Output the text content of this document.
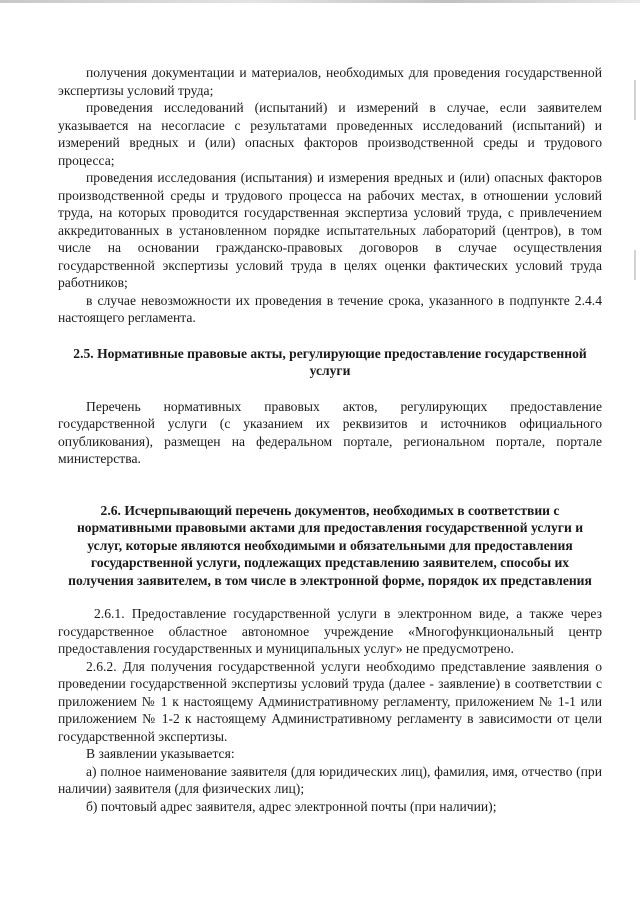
получения документации и материалов, необходимых для проведения государственной экспертизы условий труда;

проведения исследований (испытаний) и измерений в случае, если заявителем указывается на несогласие с результатами проведенных исследований (испытаний) и измерений вредных и (или) опасных факторов производственной среды и трудового процесса;

проведения исследования (испытания) и измерения вредных и (или) опасных факторов производственной среды и трудового процесса на рабочих местах, в отношении условий труда, на которых проводится государственная экспертиза условий труда, с привлечением аккредитованных в установленном порядке испытательных лабораторий (центров), в том числе на основании гражданско-правовых договоров в случае осуществления государственной экспертизы условий труда в целях оценки фактических условий труда работников;

в случае невозможности их проведения в течение срока, указанного в подпункте 2.4.4 настоящего регламента.

2.5. Нормативные правовые акты, регулирующие предоставление государственной услуги

Перечень нормативных правовых актов, регулирующих предоставление государственной услуги (с указанием их реквизитов и источников официального опубликования), размещен на федеральном портале, региональном портале, портале министерства.

2.6. Исчерпывающий перечень документов, необходимых в соответствии с нормативными правовыми актами для предоставления государственной услуги и услуг, которые являются необходимыми и обязательными для предоставления государственной услуги, подлежащих представлению заявителем, способы их получения заявителем, в том числе в электронной форме, порядок их представления

2.6.1. Предоставление государственной услуги в электронном виде, а также через государственное областное автономное учреждение «Многофункциональный центр предоставления государственных и муниципальных услуг» не предусмотрено.

2.6.2. Для получения государственной услуги необходимо представление заявления о проведении государственной экспертизы условий труда (далее - заявление) в соответствии с приложением № 1 к настоящему Административному регламенту, приложением № 1-1 или приложением № 1-2 к настоящему Административному регламенту в зависимости от цели государственной экспертизы.

В заявлении указывается:

а) полное наименование заявителя (для юридических лиц), фамилия, имя, отчество (при наличии) заявителя (для физических лиц);

б) почтовый адрес заявителя, адрес электронной почты (при наличии);
